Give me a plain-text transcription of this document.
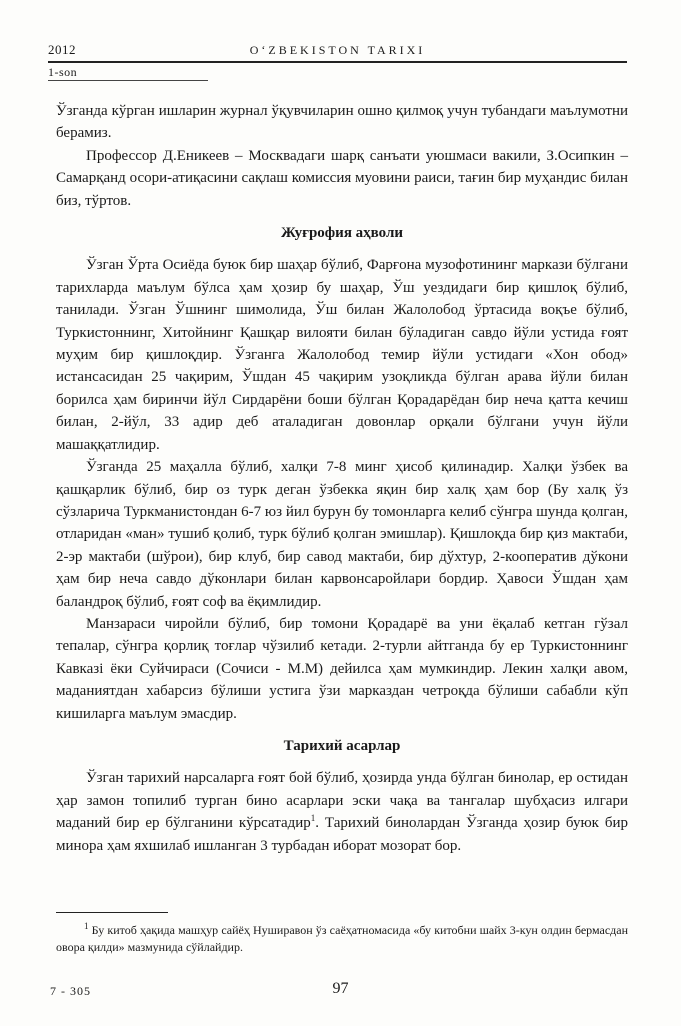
2012	O‘ZBEKISTON TARIXI
1-son

Ўзганда кўрган ишларин журнал ўқувчиларин ошно қилмоқ учун тубандаги маълумотни берамиз.

Профессор Д.Еникеев – Москвадаги шарқ санъати уюшмаси вакили, З.Осипкин – Самарқанд осори-атиқасини сақлаш комиссия муовини раиси, тағин бир муҳандис билан биз, тўртов.

Жуғрофия аҳволи

Ўзган Ўрта Осиёда буюк бир шаҳар бўлиб, Фарғона музофотининг маркази бўлгани тарихларда маълум бўлса ҳам ҳозир бу шаҳар, Ўш уездидаги бир қишлоқ бўлиб, танилади. Ўзган Ўшнинг шимолида, Ўш билан Жалолобод ўртасида воқъе бўлиб, Туркистоннинг, Хитойнинг Қашқар вилояти билан бўладиган савдо йўли устида ғоят муҳим бир қишлоқдир. Ўзганга Жалолобод темир йўли устидаги «Хон обод» истансасидан 25 чақирим, Ўшдан 45 чақирим узоқликда бўлган арава йўли билан борилса ҳам биринчи йўл Сирдарёни боши бўлган Қорадарёдан бир неча қатта кечиш билан, 2-йўл, 33 адир деб аталадиган довонлар орқали бўлгани учун йўли машаққатлидир.

Ўзганда 25 маҳалла бўлиб, халқи 7-8 минг ҳисоб қилинадир. Халқи ўзбек ва қашқарлик бўлиб, бир оз турк деган ўзбекка яқин бир халқ ҳам бор (Бу халқ ўз сўзларича Туркманистондан 6-7 юз йил бурун бу томонларга келиб сўнгра шунда қолган, отларидан «ман» тушиб қолиб, турк бўлиб қолган эмишлар). Қишлоқда бир қиз мактаби, 2-эр мактаби (шўрои), бир клуб, бир савод мактаби, бир дўхтур, 2-кооператив дўкони ҳам бир неча савдо дўконлари билан карвонсаройлари бордир. Ҳавоси Ўшдан ҳам баландроқ бўлиб, ғоят соф ва ёқимлидир.

Манзараси чиройли бўлиб, бир томони Қорадарё ва уни ёқалаб кетган гўзал тепалар, сўнгра қорлиқ тоғлар чўзилиб кетади. 2-турли айтганда бу ер Туркистоннинг Кавказі ёки Суйчираси (Сочиси - М.М) дейилса ҳам мумкиндир. Лекин халқи авом, маданиятдан хабарсиз бўлиши устига ўзи марказдан четроқда бўлиши сабабли кўп кишиларга маълум эмасдир.

Тарихий асарлар

Ўзган тарихий нарсаларга ғоят бой бўлиб, ҳозирда унда бўлган бинолар, ер остидан ҳар замон топилиб турган бино асарлари эски чақа ва тангалар шубҳасиз илгари маданий бир ер бўлганини кўрсатадир$^1$. Тарихий бинолардан Ўзганда ҳозир буюк бир минора ҳам яхшилаб ишланган 3 турбадан иборат мозорат бор.

$^1$ Бу китоб ҳақида машҳур сайёҳ Нуширавон ўз саёҳатномасида «бу китобни шайх 3-кун олдин бермасдан овора қилди» мазмунида сўйлайдир.
7 - 305	97
